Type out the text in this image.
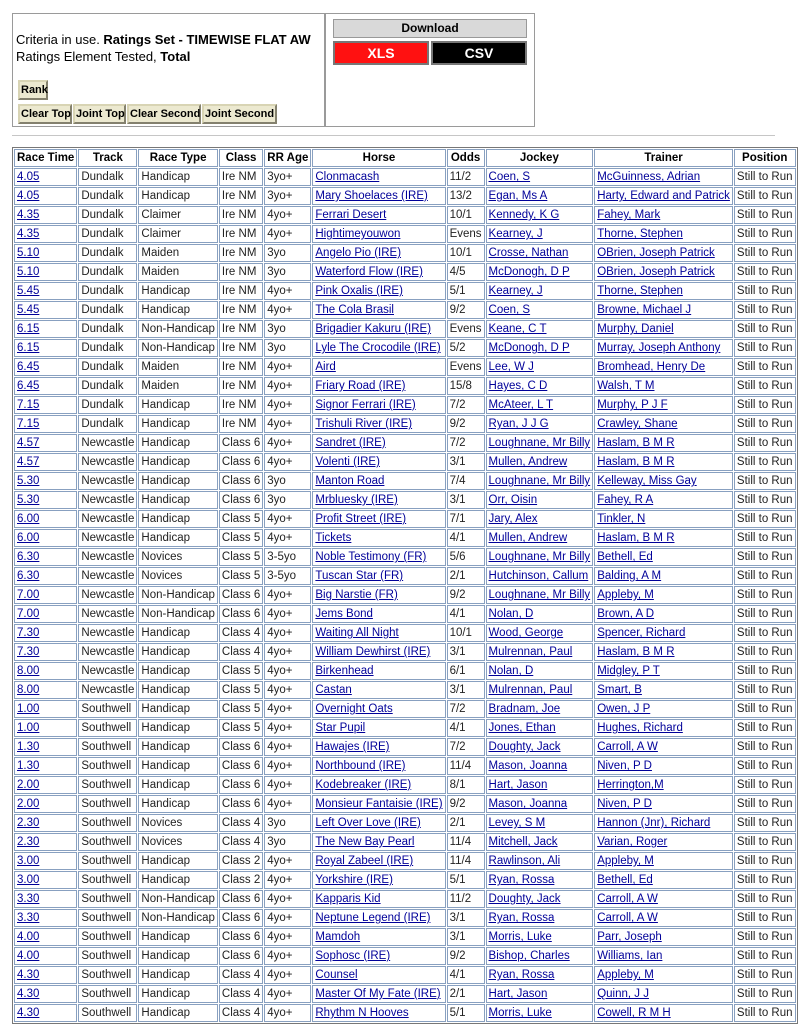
Criteria in use. Ratings Set - TIMEWISE FLAT AW
Ratings Element Tested, Total
Rank
Clear Top Joint Top Clear Second Joint Second
Download
XLS	CSV
Race Time	Track	Race Type	Class	RR Age	Horse	Odds	Jockey	Trainer	Position
4.05	Dundalk	Handicap	Ire NM	3yo+	Clonmacash	11/2	Coen, S	McGuinness, Adrian	Still to Run
4.05	Dundalk	Handicap	Ire NM	3yo+	Mary Shoelaces (IRE)	13/2	Egan, Ms A	Harty, Edward and Patrick	Still to Run
4.35	Dundalk	Claimer	Ire NM	4yo+	Ferrari Desert	10/1	Kennedy, K G	Fahey, Mark	Still to Run
4.35	Dundalk	Claimer	Ire NM	4yo+	Hightimeyouwon	Evens	Kearney, J	Thorne, Stephen	Still to Run
5.10	Dundalk	Maiden	Ire NM	3yo	Angelo Pio (IRE)	10/1	Crosse, Nathan	OBrien, Joseph Patrick	Still to Run
5.10	Dundalk	Maiden	Ire NM	3yo	Waterford Flow (IRE)	4/5	McDonogh, D P	OBrien, Joseph Patrick	Still to Run
5.45	Dundalk	Handicap	Ire NM	4yo+	Pink Oxalis (IRE)	5/1	Kearney, J	Thorne, Stephen	Still to Run
5.45	Dundalk	Handicap	Ire NM	4yo+	The Cola Brasil	9/2	Coen, S	Browne, Michael J	Still to Run
6.15	Dundalk	Non-Handicap	Ire NM	3yo	Brigadier Kakuru (IRE)	Evens	Keane, C T	Murphy, Daniel	Still to Run
6.15	Dundalk	Non-Handicap	Ire NM	3yo	Lyle The Crocodile (IRE)	5/2	McDonogh, D P	Murray, Joseph Anthony	Still to Run
6.45	Dundalk	Maiden	Ire NM	4yo+	Aird	Evens	Lee, W J	Bromhead, Henry De	Still to Run
6.45	Dundalk	Maiden	Ire NM	4yo+	Friary Road (IRE)	15/8	Hayes, C D	Walsh, T M	Still to Run
7.15	Dundalk	Handicap	Ire NM	4yo+	Signor Ferrari (IRE)	7/2	McAteer, L T	Murphy, P J F	Still to Run
7.15	Dundalk	Handicap	Ire NM	4yo+	Trishuli River (IRE)	9/2	Ryan, J J G	Crawley, Shane	Still to Run
4.57	Newcastle	Handicap	Class 6	4yo+	Sandret (IRE)	7/2	Loughnane, Mr Billy	Haslam, B M R	Still to Run
4.57	Newcastle	Handicap	Class 6	4yo+	Volenti (IRE)	3/1	Mullen, Andrew	Haslam, B M R	Still to Run
5.30	Newcastle	Handicap	Class 6	3yo	Manton Road	7/4	Loughnane, Mr Billy	Kelleway, Miss Gay	Still to Run
5.30	Newcastle	Handicap	Class 6	3yo	Mrbluesky (IRE)	3/1	Orr, Oisin	Fahey, R A	Still to Run
6.00	Newcastle	Handicap	Class 5	4yo+	Profit Street (IRE)	7/1	Jary, Alex	Tinkler, N	Still to Run
6.00	Newcastle	Handicap	Class 5	4yo+	Tickets	4/1	Mullen, Andrew	Haslam, B M R	Still to Run
6.30	Newcastle	Novices	Class 5	3-5yo	Noble Testimony (FR)	5/6	Loughnane, Mr Billy	Bethell, Ed	Still to Run
6.30	Newcastle	Novices	Class 5	3-5yo	Tuscan Star (FR)	2/1	Hutchinson, Callum	Balding, A M	Still to Run
7.00	Newcastle	Non-Handicap	Class 6	4yo+	Big Narstie (FR)	9/2	Loughnane, Mr Billy	Appleby, M	Still to Run
7.00	Newcastle	Non-Handicap	Class 6	4yo+	Jems Bond	4/1	Nolan, D	Brown, A D	Still to Run
7.30	Newcastle	Handicap	Class 4	4yo+	Waiting All Night	10/1	Wood, George	Spencer, Richard	Still to Run
7.30	Newcastle	Handicap	Class 4	4yo+	William Dewhirst (IRE)	3/1	Mulrennan, Paul	Haslam, B M R	Still to Run
8.00	Newcastle	Handicap	Class 5	4yo+	Birkenhead	6/1	Nolan, D	Midgley, P T	Still to Run
8.00	Newcastle	Handicap	Class 5	4yo+	Castan	3/1	Mulrennan, Paul	Smart, B	Still to Run
1.00	Southwell	Handicap	Class 5	4yo+	Overnight Oats	7/2	Bradnam, Joe	Owen, J P	Still to Run
1.00	Southwell	Handicap	Class 5	4yo+	Star Pupil	4/1	Jones, Ethan	Hughes, Richard	Still to Run
1.30	Southwell	Handicap	Class 6	4yo+	Hawajes (IRE)	7/2	Doughty, Jack	Carroll, A W	Still to Run
1.30	Southwell	Handicap	Class 6	4yo+	Northbound (IRE)	11/4	Mason, Joanna	Niven, P D	Still to Run
2.00	Southwell	Handicap	Class 6	4yo+	Kodebreaker (IRE)	8/1	Hart, Jason	Herrington,M	Still to Run
2.00	Southwell	Handicap	Class 6	4yo+	Monsieur Fantaisie (IRE)	9/2	Mason, Joanna	Niven, P D	Still to Run
2.30	Southwell	Novices	Class 4	3yo	Left Over Love (IRE)	2/1	Levey, S M	Hannon (Jnr), Richard	Still to Run
2.30	Southwell	Novices	Class 4	3yo	The New Bay Pearl	11/4	Mitchell, Jack	Varian, Roger	Still to Run
3.00	Southwell	Handicap	Class 2	4yo+	Royal Zabeel (IRE)	11/4	Rawlinson, Ali	Appleby, M	Still to Run
3.00	Southwell	Handicap	Class 2	4yo+	Yorkshire (IRE)	5/1	Ryan, Rossa	Bethell, Ed	Still to Run
3.30	Southwell	Non-Handicap	Class 6	4yo+	Kapparis Kid	11/2	Doughty, Jack	Carroll, A W	Still to Run
3.30	Southwell	Non-Handicap	Class 6	4yo+	Neptune Legend (IRE)	3/1	Ryan, Rossa	Carroll, A W	Still to Run
4.00	Southwell	Handicap	Class 6	4yo+	Mamdoh	3/1	Morris, Luke	Parr, Joseph	Still to Run
4.00	Southwell	Handicap	Class 6	4yo+	Sophosc (IRE)	9/2	Bishop, Charles	Williams, Ian	Still to Run
4.30	Southwell	Handicap	Class 4	4yo+	Counsel	4/1	Ryan, Rossa	Appleby, M	Still to Run
4.30	Southwell	Handicap	Class 4	4yo+	Master Of My Fate (IRE)	2/1	Hart, Jason	Quinn, J J	Still to Run
4.30	Southwell	Handicap	Class 4	4yo+	Rhythm N Hooves	5/1	Morris, Luke	Cowell, R M H	Still to Run
